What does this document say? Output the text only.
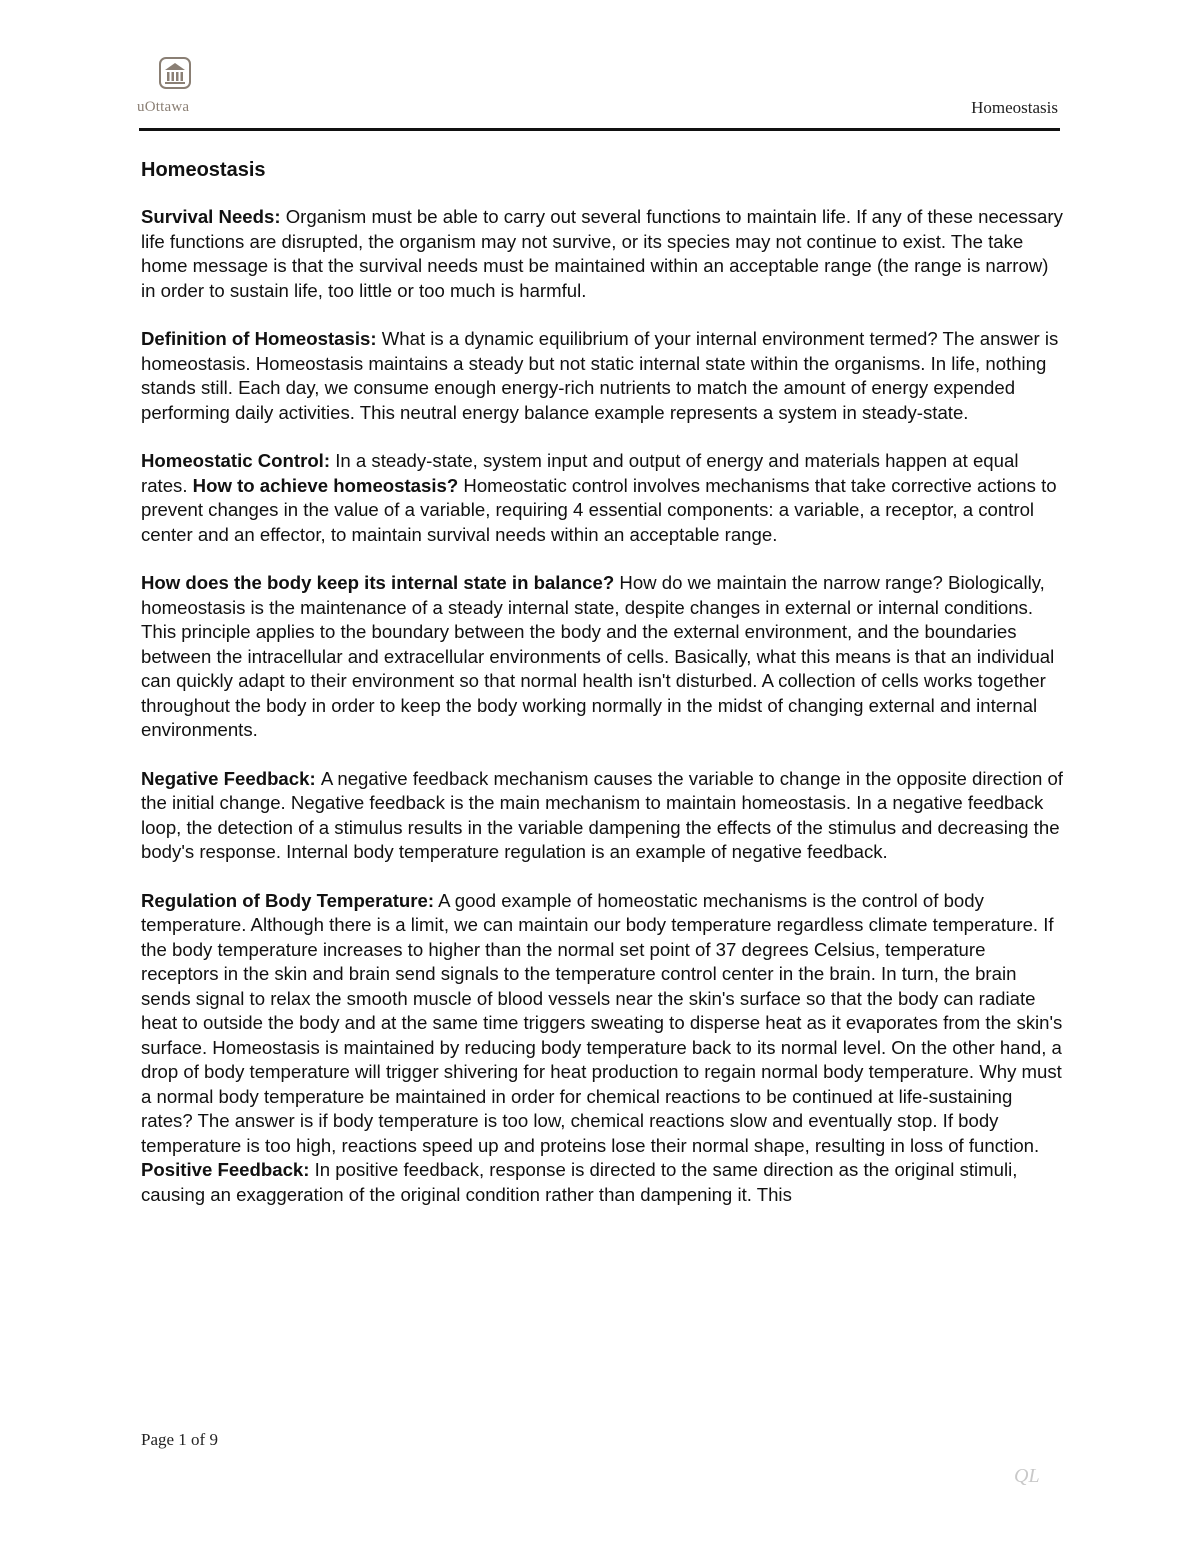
uOttawa	Homeostasis
Homeostasis

Survival Needs: Organism must be able to carry out several functions to maintain life. If any of these necessary life functions are disrupted, the organism may not survive, or its species may not continue to exist. The take home message is that the survival needs must be maintained within an acceptable range (the range is narrow) in order to sustain life, too little or too much is harmful.

Definition of Homeostasis: What is a dynamic equilibrium of your internal environment termed? The answer is homeostasis. Homeostasis maintains a steady but not static internal state within the organisms. In life, nothing stands still. Each day, we consume enough energy-rich nutrients to match the amount of energy expended performing daily activities. This neutral energy balance example represents a system in steady-state.

Homeostatic Control: In a steady-state, system input and output of energy and materials happen at equal rates. How to achieve homeostasis? Homeostatic control involves mechanisms that take corrective actions to prevent changes in the value of a variable, requiring 4 essential components: a variable, a receptor, a control center and an effector, to maintain survival needs within an acceptable range.

How does the body keep its internal state in balance? How do we maintain the narrow range? Biologically, homeostasis is the maintenance of a steady internal state, despite changes in external or internal conditions. This principle applies to the boundary between the body and the external environment, and the boundaries between the intracellular and extracellular environments of cells. Basically, what this means is that an individual can quickly adapt to their environment so that normal health isn't disturbed. A collection of cells works together throughout the body in order to keep the body working normally in the midst of changing external and internal environments.

Negative Feedback: A negative feedback mechanism causes the variable to change in the opposite direction of the initial change. Negative feedback is the main mechanism to maintain homeostasis. In a negative feedback loop, the detection of a stimulus results in the variable dampening the effects of the stimulus and decreasing the body's response. Internal body temperature regulation is an example of negative feedback.

Regulation of Body Temperature: A good example of homeostatic mechanisms is the control of body temperature. Although there is a limit, we can maintain our body temperature regardless climate temperature. If the body temperature increases to higher than the normal set point of 37 degrees Celsius, temperature receptors in the skin and brain send signals to the temperature control center in the brain. In turn, the brain sends signal to relax the smooth muscle of blood vessels near the skin's surface so that the body can radiate heat to outside the body and at the same time triggers sweating to disperse heat as it evaporates from the skin's surface. Homeostasis is maintained by reducing body temperature back to its normal level. On the other hand, a drop of body temperature will trigger shivering for heat production to regain normal body temperature. Why must a normal body temperature be maintained in order for chemical reactions to be continued at life-sustaining rates? The answer is if body temperature is too low, chemical reactions slow and eventually stop. If body temperature is too high, reactions speed up and proteins lose their normal shape, resulting in loss of function.

Positive Feedback: In positive feedback, response is directed to the same direction as the original stimuli, causing an exaggeration of the original condition rather than dampening it. This

Page 1 of 9
QL
